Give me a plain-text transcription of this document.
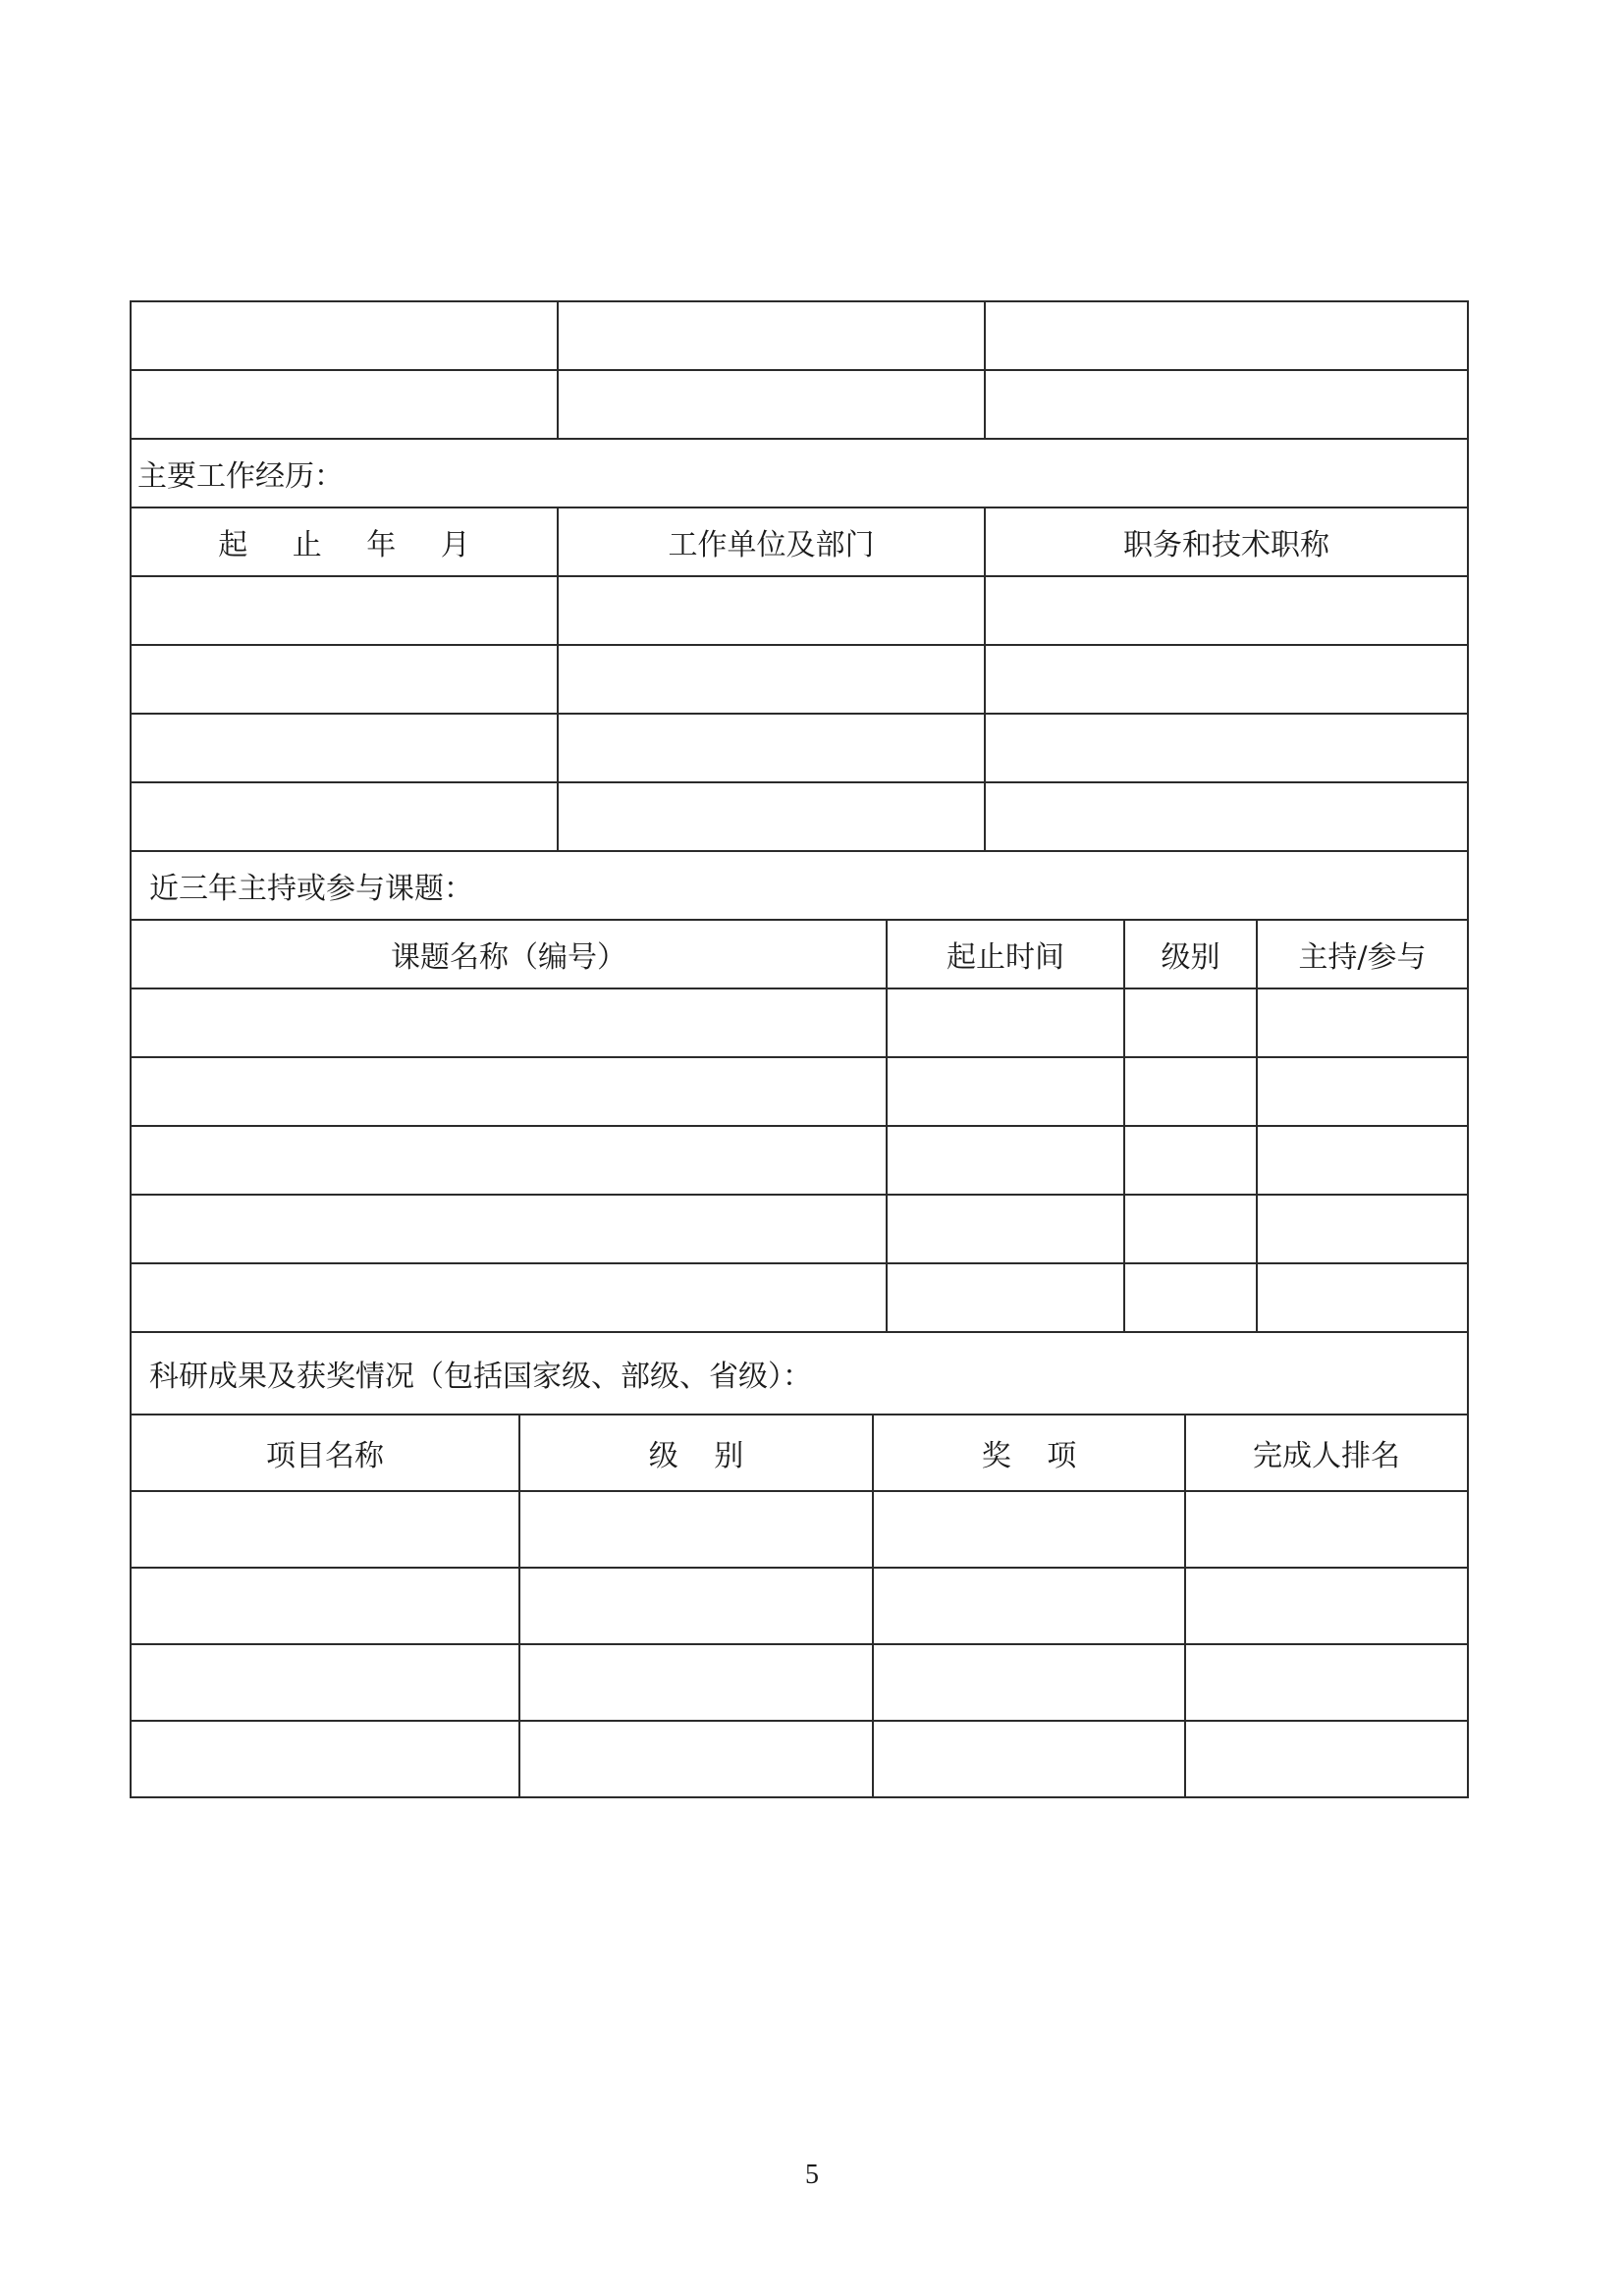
主要工作经历：		
起 止 年 月	工作单位及部门	职务和技术职称

近三年主持或参与课题：			
课题名称（编号）	起止时间	级别	主持/参与

科研成果及获奖情况（包括国家级、部级、省级）：			
项目名称	级 别	奖 项	完成人排名

5
